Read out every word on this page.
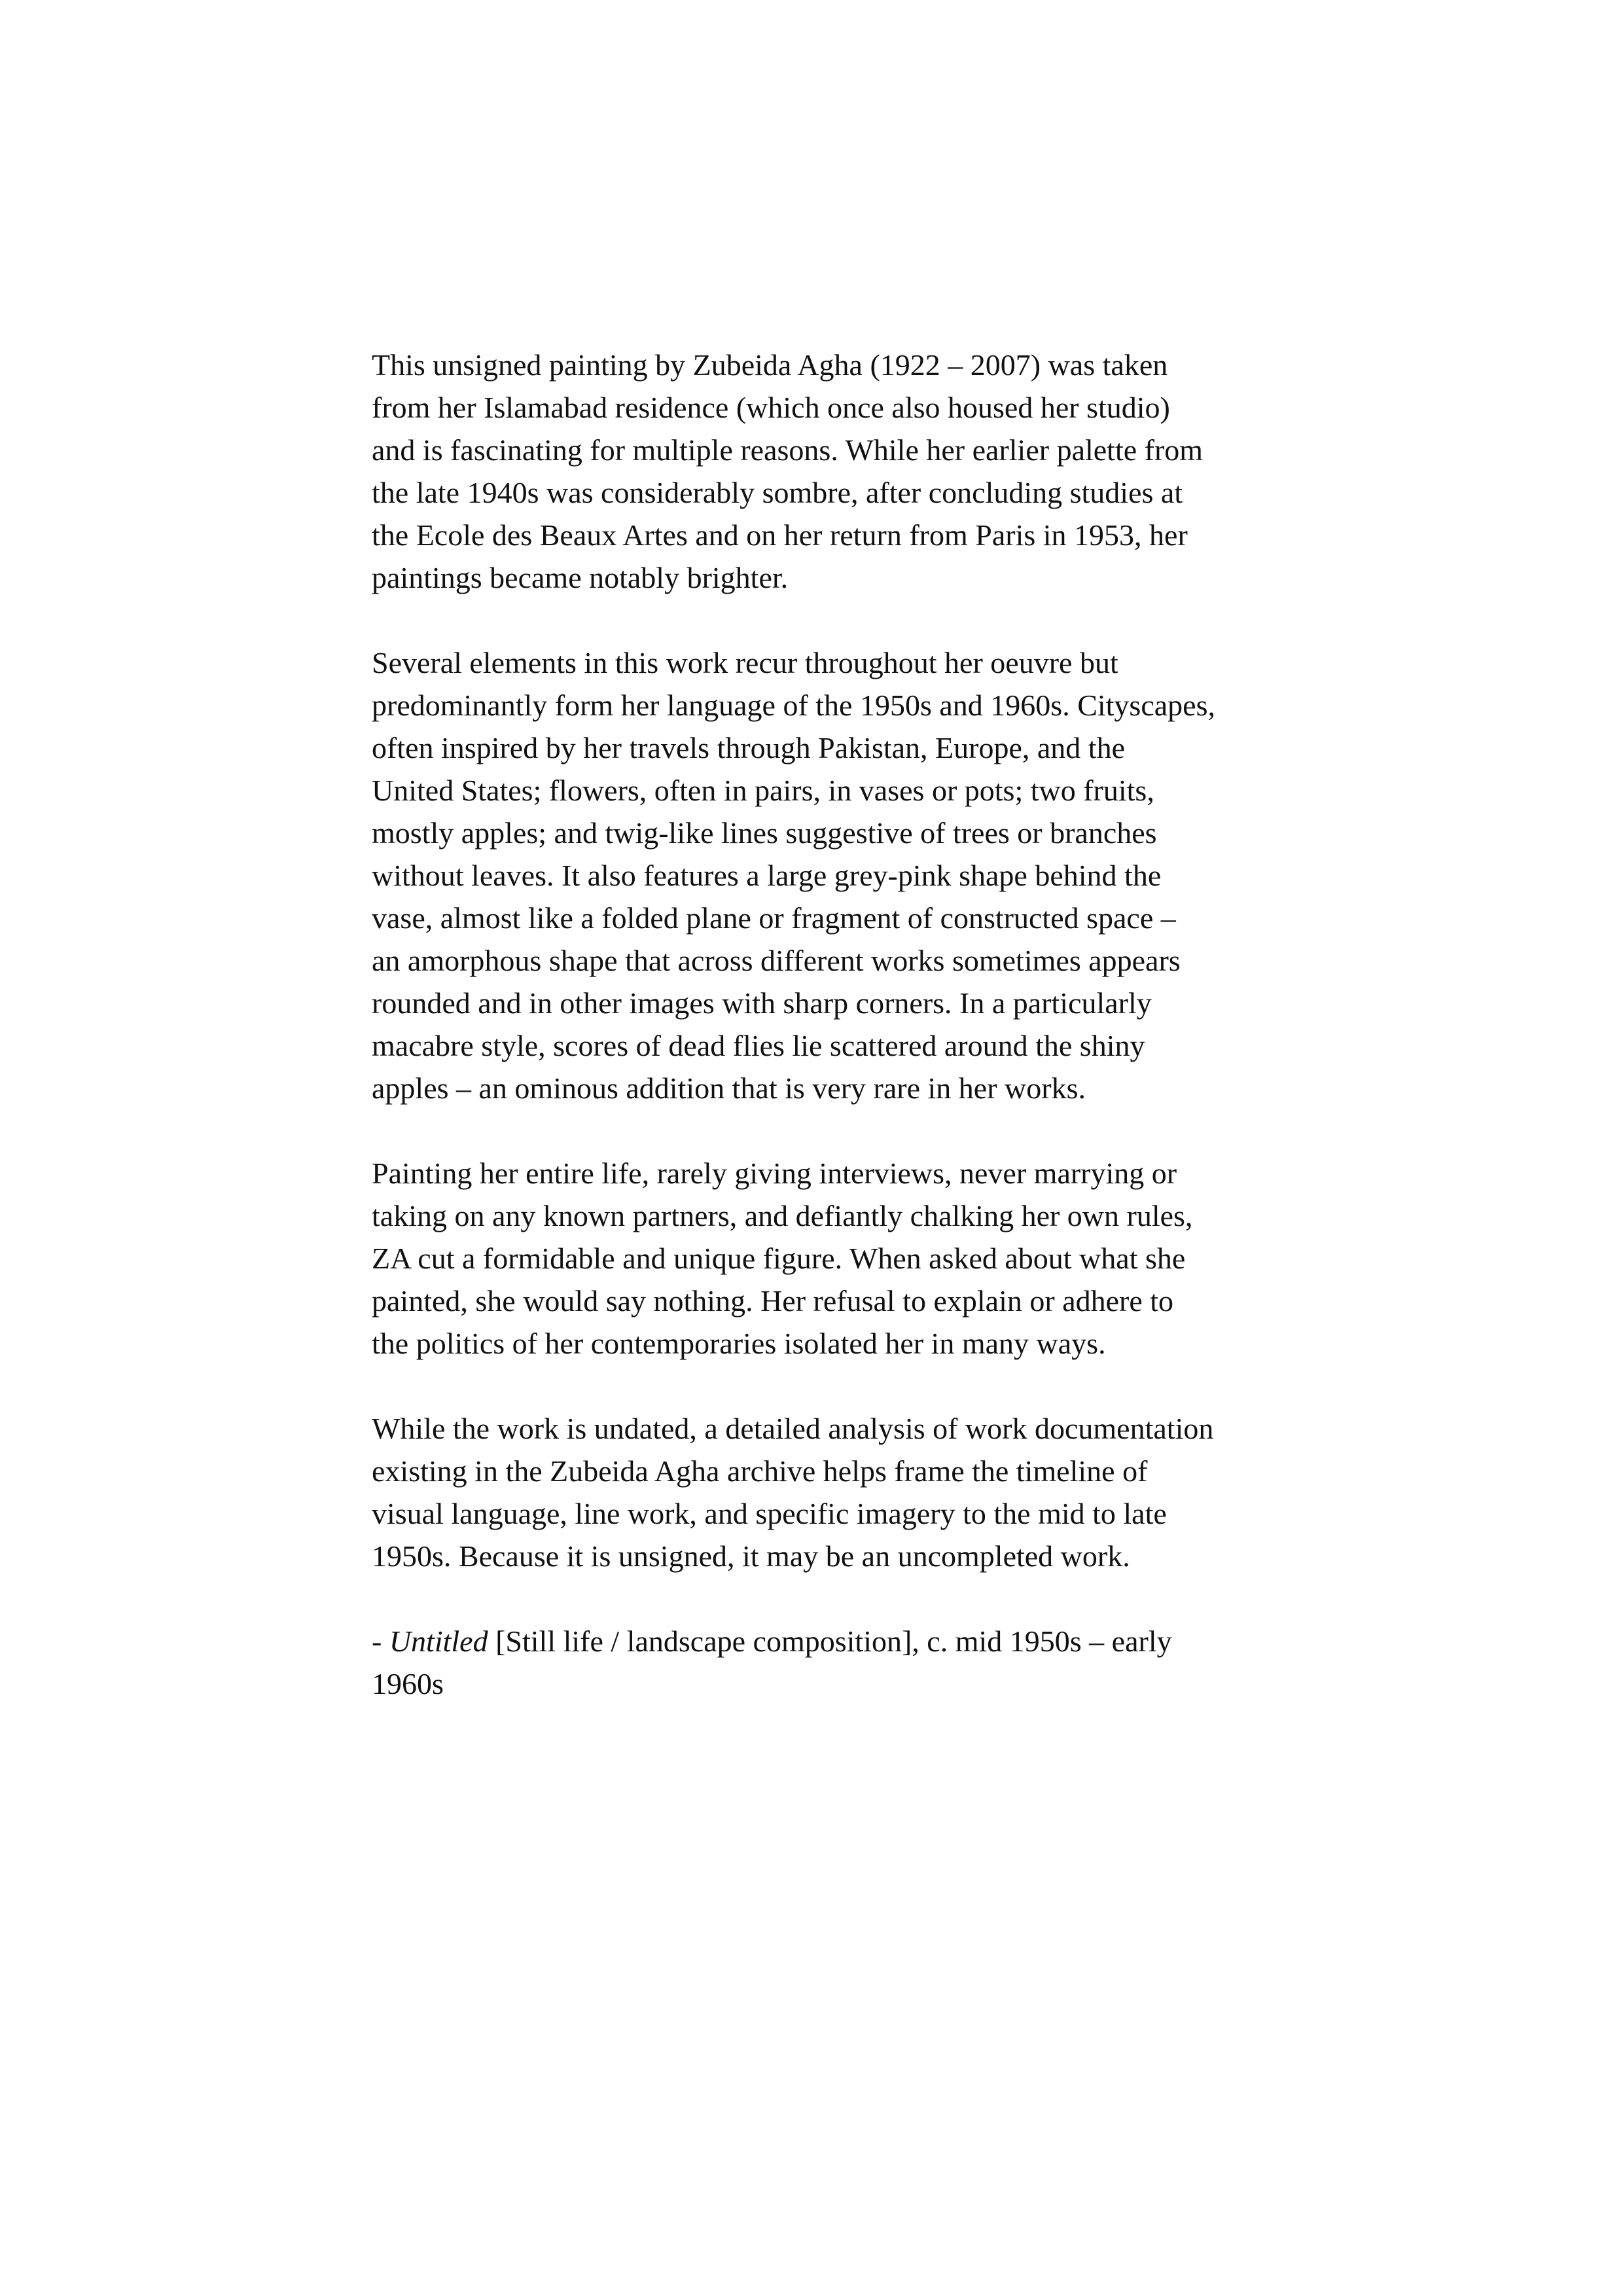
This unsigned painting by Zubeida Agha (1922 – 2007) was taken
from her Islamabad residence (which once also housed her studio)
and is fascinating for multiple reasons. While her earlier palette from
the late 1940s was considerably sombre, after concluding studies at
the Ecole des Beaux Artes and on her return from Paris in 1953, her
paintings became notably brighter.

Several elements in this work recur throughout her oeuvre but
predominantly form her language of the 1950s and 1960s. Cityscapes,
often inspired by her travels through Pakistan, Europe, and the
United States; flowers, often in pairs, in vases or pots; two fruits,
mostly apples; and twig-like lines suggestive of trees or branches
without leaves. It also features a large grey-pink shape behind the
vase, almost like a folded plane or fragment of constructed space –
an amorphous shape that across different works sometimes appears
rounded and in other images with sharp corners. In a particularly
macabre style, scores of dead flies lie scattered around the shiny
apples – an ominous addition that is very rare in her works.

Painting her entire life, rarely giving interviews, never marrying or
taking on any known partners, and defiantly chalking her own rules,
ZA cut a formidable and unique figure. When asked about what she
painted, she would say nothing. Her refusal to explain or adhere to
the politics of her contemporaries isolated her in many ways.

While the work is undated, a detailed analysis of work documentation
existing in the Zubeida Agha archive helps frame the timeline of
visual language, line work, and specific imagery to the mid to late
1950s. Because it is unsigned, it may be an uncompleted work.

- Untitled [Still life / landscape composition], c. mid 1950s – early
1960s
